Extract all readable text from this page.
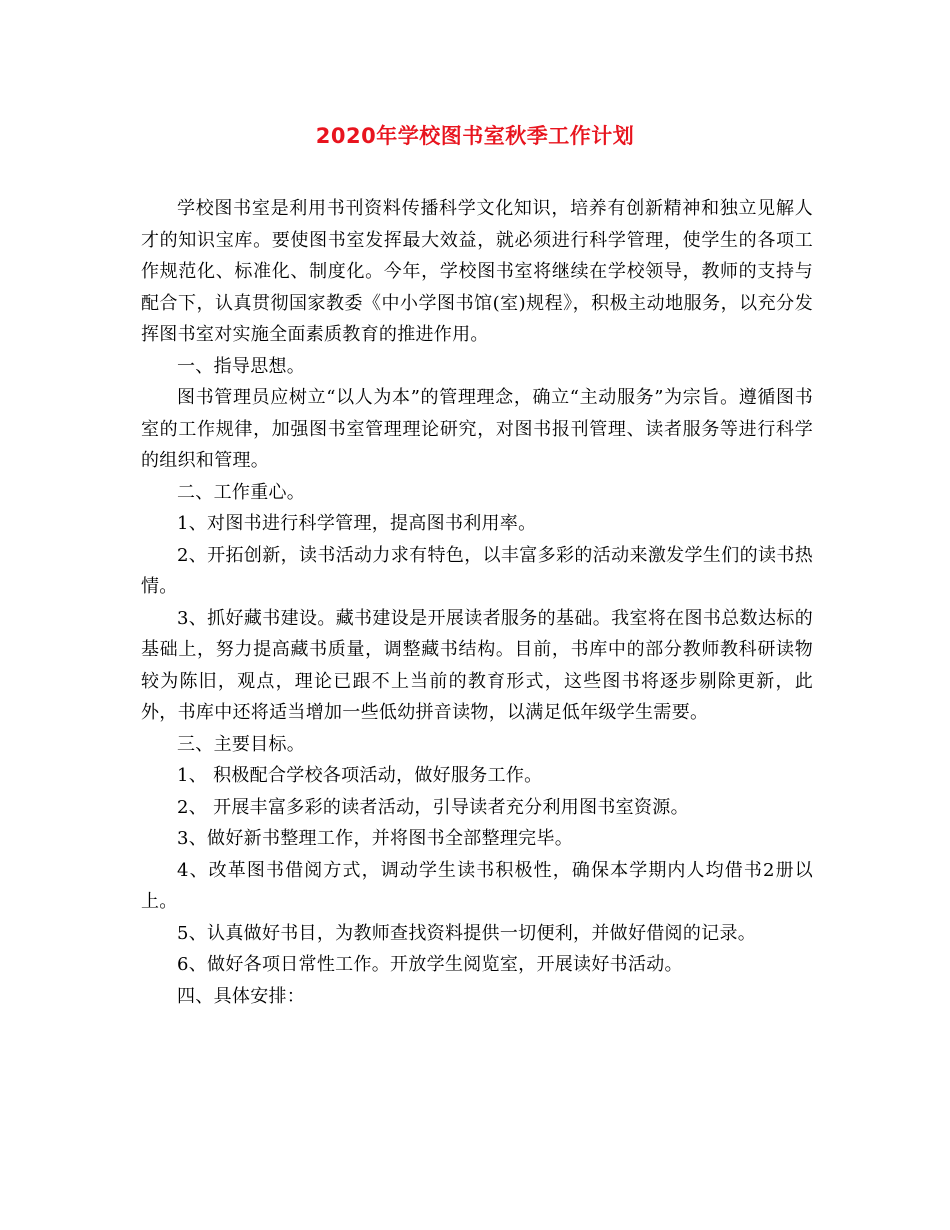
2020年学校图书室秋季工作计划

学校图书室是利用书刊资料传播科学文化知识，培养有创新精神和独立见解人才的知识宝库。要使图书室发挥最大效益，就必须进行科学管理，使学生的各项工作规范化、标准化、制度化。今年，学校图书室将继续在学校领导，教师的支持与配合下，认真贯彻国家教委《中小学图书馆(室)规程》，积极主动地服务，以充分发挥图书室对实施全面素质教育的推进作用。

一、指导思想。

图书管理员应树立“以人为本”的管理理念，确立“主动服务”为宗旨。遵循图书室的工作规律，加强图书室管理理论研究，对图书报刊管理、读者服务等进行科学的组织和管理。

二、工作重心。

1、对图书进行科学管理，提高图书利用率。

2、开拓创新，读书活动力求有特色，以丰富多彩的活动来激发学生们的读书热情。

3、抓好藏书建设。藏书建设是开展读者服务的基础。我室将在图书总数达标的基础上，努力提高藏书质量，调整藏书结构。目前，书库中的部分教师教科研读物较为陈旧，观点，理论已跟不上当前的教育形式，这些图书将逐步剔除更新，此外，书库中还将适当增加一些低幼拼音读物，以满足低年级学生需要。

三、主要目标。

1、 积极配合学校各项活动，做好服务工作。

2、 开展丰富多彩的读者活动，引导读者充分利用图书室资源。

3、做好新书整理工作，并将图书全部整理完毕。

4、改革图书借阅方式，调动学生读书积极性，确保本学期内人均借书2册以上。

5、认真做好书目，为教师查找资料提供一切便利，并做好借阅的记录。

6、做好各项日常性工作。开放学生阅览室，开展读好书活动。

四、具体安排：
